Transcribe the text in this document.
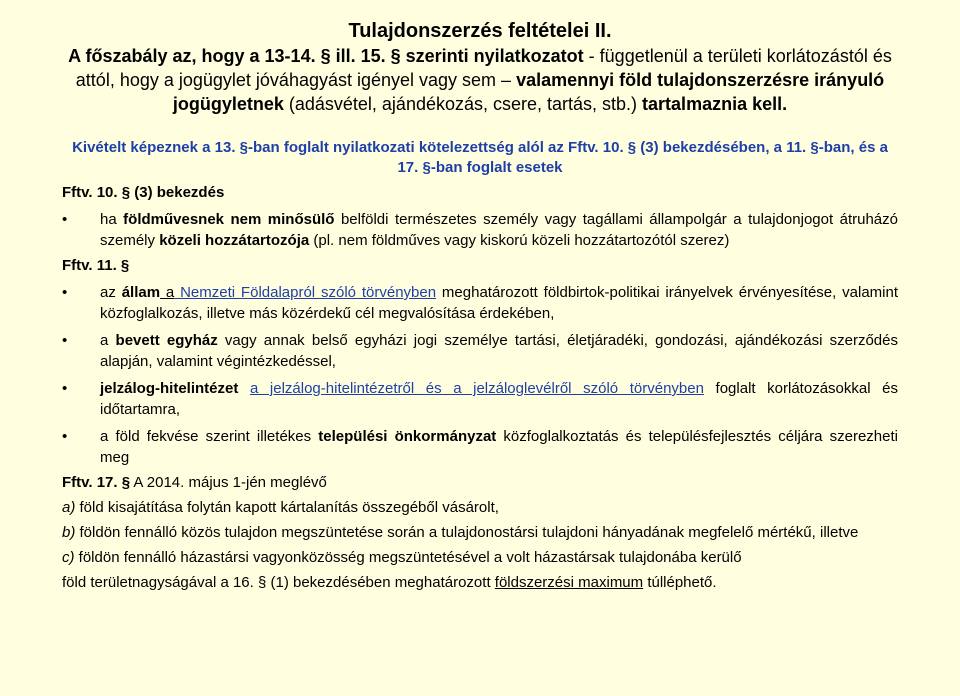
Tulajdonszerzés feltételei II.
A főszabály az, hogy a 13-14. § ill. 15. § szerinti nyilatkozatot - függetlenül a területi korlátozástól és attól, hogy a jogügylet jóváhagyást igényel vagy sem – valamennyi föld tulajdonszerzésre irányuló jogügyletnek (adásvétel, ajándékozás, csere, tartás, stb.) tartalmaznia kell.
Kivételt képeznek a 13. §-ban foglalt nyilatkozati kötelezettség alól az Fftv. 10. § (3) bekezdésében, a 11. §-ban, és a 17. §-ban foglalt esetek
Fftv. 10. § (3) bekezdés
• ha földművesnek nem minősülő belföldi természetes személy vagy tagállami állampolgár a tulajdonjogot átruházó személy közeli hozzátartozója (pl. nem földműves vagy kiskorú közeli hozzátartozótól szerez)
Fftv. 11. §
• az állam a Nemzeti Földalapról szóló törvényben meghatározott földbirtok-politikai irányelvek érvényesítése, valamint közfoglalkozás, illetve más közérdekű cél megvalósítása érdekében,
• a bevett egyház vagy annak belső egyházi jogi személye tartási, életjáradéki, gondozási, ajándékozási szerződés alapján, valamint végintézkedéssel,
• jelzálog-hitelintézet a jelzálog-hitelintézetről és a jelzáloglevélről szóló törvényben foglalt korlátozásokkal és időtartamra,
• a föld fekvése szerint illetékes települési önkormányzat közfoglalkoztatás és településfejlesztés céljára szerezheti meg
Fftv. 17. § A 2014. május 1-jén meglévő
a) föld kisajátítása folytán kapott kártalanítás összegéből vásárolt,
b) földön fennálló közös tulajdon megszüntetése során a tulajdonostársi tulajdoni hányadának megfelelő mértékű, illetve
c) földön fennálló házastársi vagyonközösség megszüntetésével a volt házastársak tulajdonába kerülő
föld területnagyságával a 16. § (1) bekezdésében meghatározott földszerzési maximum túlléphető.
